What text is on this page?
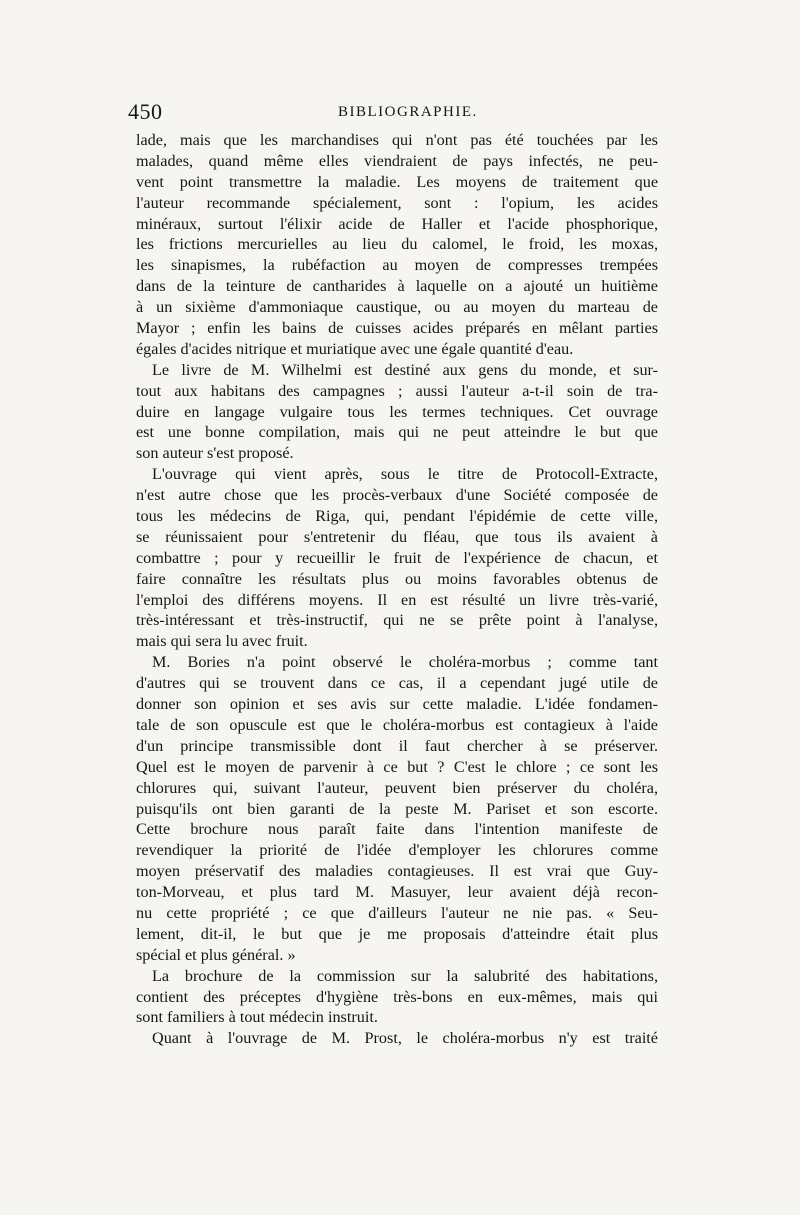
450	BIBLIOGRAPHIE.
lade, mais que les marchandises qui n'ont pas été touchées par les
malades, quand même elles viendraient de pays infectés, ne peu-
vent point transmettre la maladie. Les moyens de traitement que
l'auteur recommande spécialement, sont : l'opium, les acides
minéraux, surtout l'élixir acide de Haller et l'acide phosphorique,
les frictions mercurielles au lieu du calomel, le froid, les moxas,
les sinapismes, la rubéfaction au moyen de compresses trempées
dans de la teinture de cantharides à laquelle on a ajouté un huitième
à un sixième d'ammoniaque caustique, ou au moyen du marteau de
Mayor ; enfin les bains de cuisses acides préparés en mêlant parties
égales d'acides nitrique et muriatique avec une égale quantité d'eau.
Le livre de M. Wilhelmi est destiné aux gens du monde, et sur-
tout aux habitans des campagnes ; aussi l'auteur a-t-il soin de tra-
duire en langage vulgaire tous les termes techniques. Cet ouvrage
est une bonne compilation, mais qui ne peut atteindre le but que
son auteur s'est proposé.
L'ouvrage qui vient après, sous le titre de Protocoll-Extracte,
n'est autre chose que les procès-verbaux d'une Société composée de
tous les médecins de Riga, qui, pendant l'épidémie de cette ville,
se réunissaient pour s'entretenir du fléau, que tous ils avaient à
combattre ; pour y recueillir le fruit de l'expérience de chacun, et
faire connaître les résultats plus ou moins favorables obtenus de
l'emploi des différens moyens. Il en est résulté un livre très-varié,
très-intéressant et très-instructif, qui ne se prête point à l'analyse,
mais qui sera lu avec fruit.
M. Bories n'a point observé le choléra-morbus ; comme tant
d'autres qui se trouvent dans ce cas, il a cependant jugé utile de
donner son opinion et ses avis sur cette maladie. L'idée fondamen-
tale de son opuscule est que le choléra-morbus est contagieux à l'aide
d'un principe transmissible dont il faut chercher à se préserver.
Quel est le moyen de parvenir à ce but ? C'est le chlore ; ce sont les
chlorures qui, suivant l'auteur, peuvent bien préserver du choléra,
puisqu'ils ont bien garanti de la peste M. Pariset et son escorte.
Cette brochure nous paraît faite dans l'intention manifeste de
revendiquer la priorité de l'idée d'employer les chlorures comme
moyen préservatif des maladies contagieuses. Il est vrai que Guy-
ton-Morveau, et plus tard M. Masuyer, leur avaient déjà recon-
nu cette propriété ; ce que d'ailleurs l'auteur ne nie pas. « Seu-
lement, dit-il, le but que je me proposais d'atteindre était plus
spécial et plus général. »
La brochure de la commission sur la salubrité des habitations,
contient des préceptes d'hygiène très-bons en eux-mêmes, mais qui
sont familiers à tout médecin instruit.
Quant à l'ouvrage de M. Prost, le choléra-morbus n'y est traité
